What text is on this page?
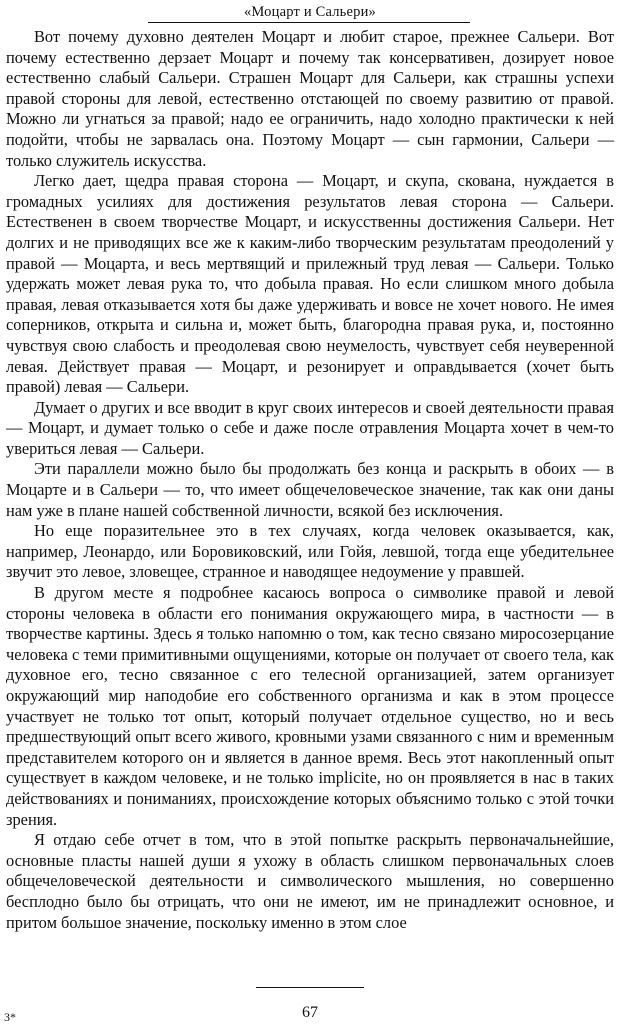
«Моцарт и Сальери»

Вот почему духовно деятелен Моцарт и любит старое, прежнее Сальери. Вот почему естественно дерзает Моцарт и почему так консервативен, дозирует новое естественно слабый Сальери. Страшен Моцарт для Сальери, как страшны успехи правой стороны для левой, естественно отстающей по своему развитию от правой. Можно ли угнаться за правой; надо ее ограничить, надо холодно практически к ней подойти, чтобы не зарвалась она. Поэтому Моцарт — сын гармонии, Сальери — только служитель искусства.

Легко дает, щедра правая сторона — Моцарт, и скупа, скована, нуждается в громадных усилиях для достижения результатов левая сторона — Сальери. Естественен в своем творчестве Моцарт, и искусственны достижения Сальери. Нет долгих и не приводящих все же к каким-либо творческим результатам преодолений у правой — Моцарта, и весь мертвящий и прилежный труд левая — Сальери. Только удержать может левая рука то, что добыла правая. Но если слишком много добыла правая, левая отказывается хотя бы даже удерживать и вовсе не хочет нового. Не имея соперников, открыта и сильна и, может быть, благородна правая рука, и, постоянно чувствуя свою слабость и преодолевая свою неумелость, чувствует себя неуверенной левая. Действует правая — Моцарт, и резонирует и оправдывается (хочет быть правой) левая — Сальери.

Думает о других и все вводит в круг своих интересов и своей деятельности правая — Моцарт, и думает только о себе и даже после отравления Моцарта хочет в чем-то увериться левая — Сальери.

Эти параллели можно было бы продолжать без конца и раскрыть в обоих — в Моцарте и в Сальери — то, что имеет общечеловеческое значение, так как они даны нам уже в плане нашей собственной личности, всякой без исключения.

Но еще поразительнее это в тех случаях, когда человек оказывается, как, например, Леонардо, или Боровиковский, или Гойя, левшой, тогда еще убедительнее звучит это левое, зловещее, странное и наводящее недоумение у правшей.

В другом месте я подробнее касаюсь вопроса о символике правой и левой стороны человека в области его понимания окружающего мира, в частности — в творчестве картины. Здесь я только напомню о том, как тесно связано миросозерцание человека с теми примитивными ощущениями, которые он получает от своего тела, как духовное его, тесно связанное с его телесной организацией, затем организует окружающий мир наподобие его собственного организма и как в этом процессе участвует не только тот опыт, который получает отдельное существо, но и весь предшествующий опыт всего живого, кровными узами связанного с ним и временным представителем которого он и является в данное время. Весь этот накопленный опыт существует в каждом человеке, и не только implicite, но он проявляется в нас в таких действованиях и пониманиях, происхождение которых объяснимо только с этой точки зрения.

Я отдаю себе отчет в том, что в этой попытке раскрыть первоначальнейшие, основные пласты нашей души я ухожу в область слишком первоначальных слоев общечеловеческой деятельности и символического мышления, но совершенно бесплодно было бы отрицать, что они не имеют, им не принадлежит основное, и притом большое значение, поскольку именно в этом слое

67
3*
